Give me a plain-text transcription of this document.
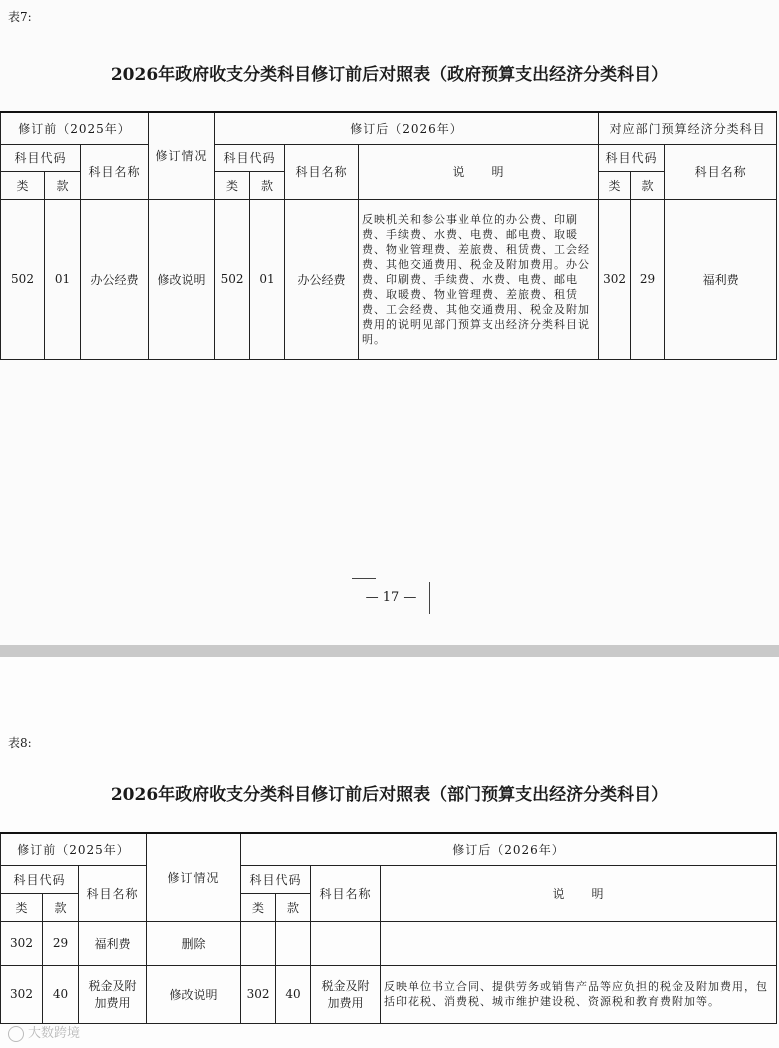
表7:
2026年政府收支分类科目修订前后对照表（政府预算支出经济分类科目）
修订前（2025年）			修订情况	修订后（2026年）				对应部门预算经济分类科目		
科目代码		科目名称		科目代码		科目名称	说　　明	科目代码		科目名称
类	款			类	款			类	款	
502	01	办公经费	修改说明	502	01	办公经费	反映机关和参公事业单位的办公费、印刷费、手续费、水费、电费、邮电费、取暖费、物业管理费、差旅费、租赁费、工会经费、其他交通费用、税金及附加费用。办公费、印刷费、手续费、水费、电费、邮电费、取暖费、物业管理费、差旅费、租赁费、工会经费、其他交通费用、税金及附加费用的说明见部门预算支出经济分类科目说明。	302	29	福利费
— 17 —
表8:
2026年政府收支分类科目修订前后对照表（部门预算支出经济分类科目）
修订前（2025年）			修订情况	修订后（2026年）			
科目代码		科目名称		科目代码		科目名称	说　　明
类	款			类	款		
302	29	福利费	删除				
302	40	税金及附加费用	修改说明	302	40	税金及附加费用	反映单位书立合同、提供劳务或销售产品等应负担的税金及附加费用，包括印花税、消费税、城市维护建设税、资源税和教育费附加等。
大数跨境
